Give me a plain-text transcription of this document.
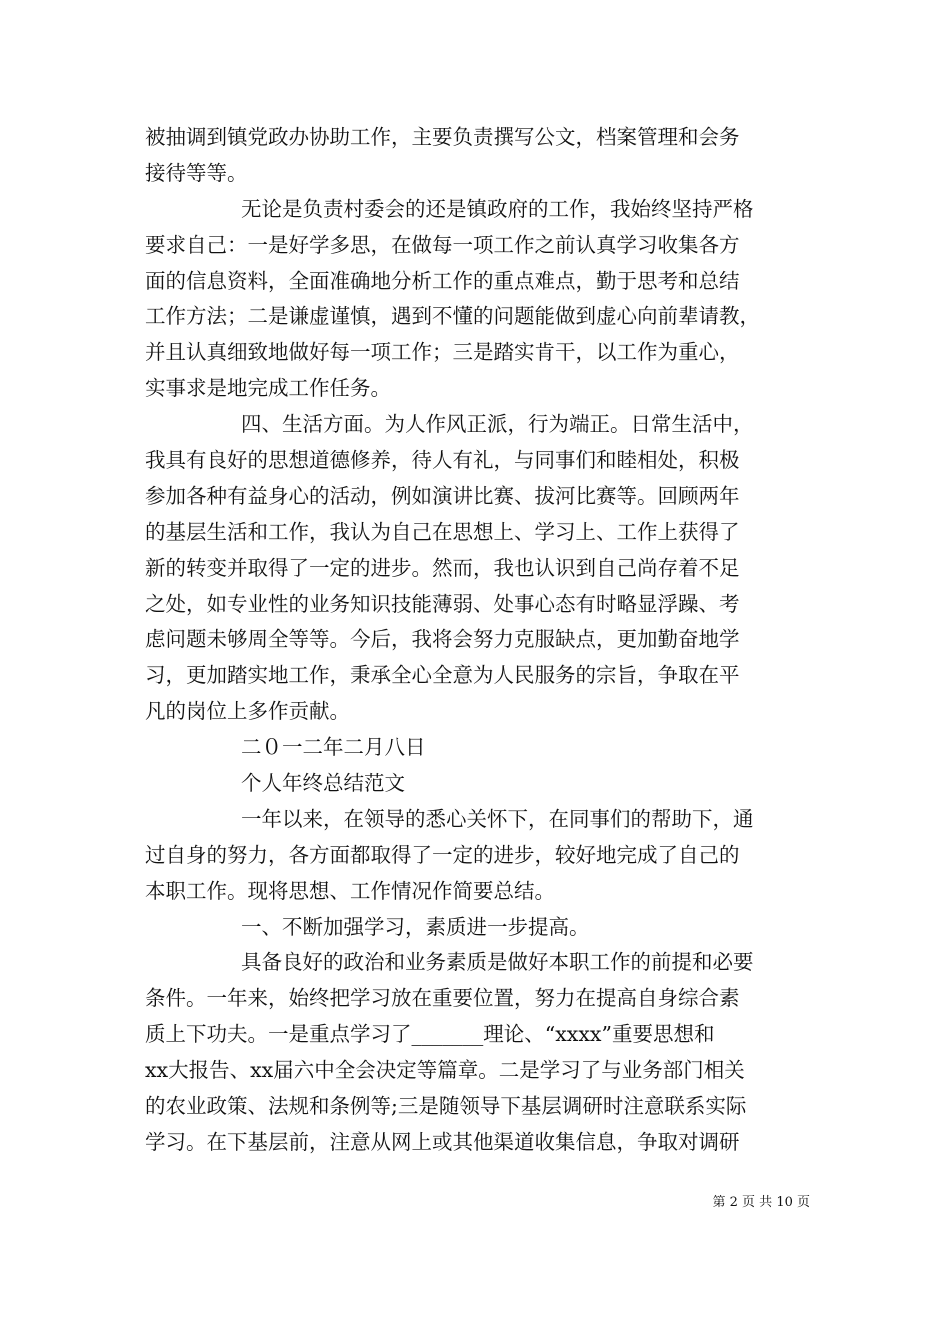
被抽调到镇党政办协助工作，主要负责撰写公文，档案管理和会务
接待等等。
无论是负责村委会的还是镇政府的工作，我始终坚持严格
要求自己：一是好学多思，在做每一项工作之前认真学习收集各方
面的信息资料，全面准确地分析工作的重点难点，勤于思考和总结
工作方法；二是谦虚谨慎，遇到不懂的问题能做到虚心向前辈请教，
并且认真细致地做好每一项工作；三是踏实肯干，以工作为重心，
实事求是地完成工作任务。
四、生活方面。为人作风正派，行为端正。日常生活中，
我具有良好的思想道德修养，待人有礼，与同事们和睦相处，积极
参加各种有益身心的活动，例如演讲比赛、拔河比赛等。回顾两年
的基层生活和工作，我认为自己在思想上、学习上、工作上获得了
新的转变并取得了一定的进步。然而，我也认识到自己尚存着不足
之处，如专业性的业务知识技能薄弱、处事心态有时略显浮躁、考
虑问题未够周全等等。今后，我将会努力克服缺点，更加勤奋地学
习，更加踏实地工作，秉承全心全意为人民服务的宗旨，争取在平
凡的岗位上多作贡献。
二０一二年二月八日
个人年终总结范文
一年以来，在领导的悉心关怀下，在同事们的帮助下，通
过自身的努力，各方面都取得了一定的进步，较好地完成了自己的
本职工作。现将思想、工作情况作简要总结。
一、不断加强学习，素质进一步提高。
具备良好的政治和业务素质是做好本职工作的前提和必要
条件。一年来，始终把学习放在重要位置，努力在提高自身综合素
质上下功夫。一是重点学习了_______理论、“xxxx”重要思想和
xx大报告、xx届六中全会决定等篇章。二是学习了与业务部门相关
的农业政策、法规和条例等;三是随领导下基层调研时注意联系实际
学习。在下基层前，注意从网上或其他渠道收集信息，争取对调研
第 2 页 共 10 页
